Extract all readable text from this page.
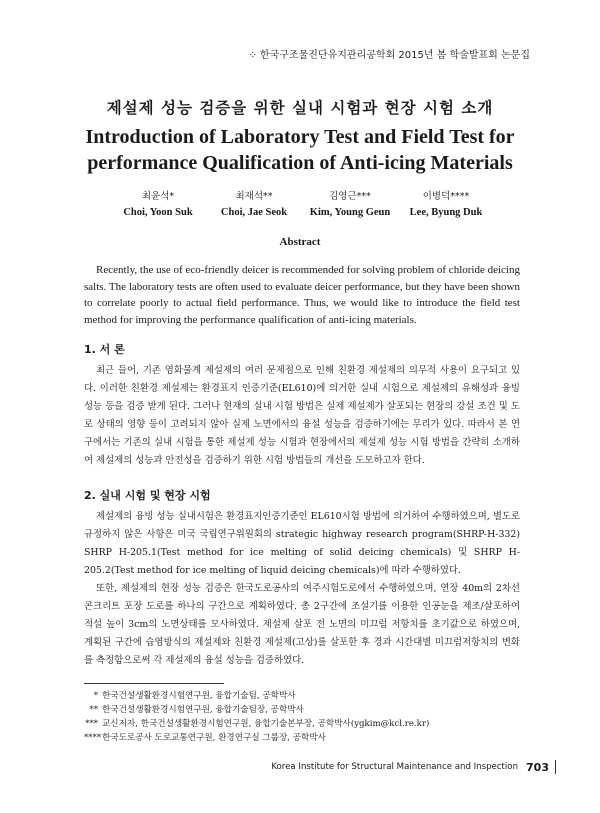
⁘ 한국구조물진단유지관리공학회 2015년 봄 학술발표회 논문집
제설제 성능 검증을 위한 실내 시험과 현장 시험 소개
Introduction of Laboratory Test and Field Test for
performance Qualification of Anti-icing Materials
최윤석*
Choi, Yoon Suk
최재석**
Choi, Jae Seok
김영근***
Kim, Young Geun
이병덕****
Lee, Byung Duk
Abstract
Recently, the use of eco-friendly deicer is recommended for solving problem of chloride deicing salts. The laboratory tests are often used to evaluate deicer performance, but they have been shown to correlate poorly to actual field performance. Thus, we would like to introduce the field test method for improving the performance qualification of anti-icing materials.
1. 서 론

최근 들어, 기존 염화물계 제설제의 여러 문제점으로 인해 친환경 제설제의 의무적 사용이 요구되고 있다. 이러한 친환경 제설제는 환경표지 인증기준(EL610)에 의거한 실내 시험으로 제설제의 유해성과 융빙 성능 등을 검증 받게 된다. 그러나 현재의 실내 시험 방법은 실제 제설제가 살포되는 현장의 강설 조건 및 도로 상태의 영향 등이 고려되지 않아 실제 노면에서의 융설 성능을 검증하기에는 무리가 있다. 따라서 본 연구에서는 기존의 실내 시험을 통한 제설제 성능 시험과 현장에서의 제설제 성능 시험 방법을 간략히 소개하여 제설제의 성능과 안전성을 검증하기 위한 시험 방법들의 개선을 도모하고자 한다.

2. 실내 시험 및 현장 시험

제설제의 융빙 성능 실내시험은 환경표지인증기준인 EL610시험 방법에 의거하여 수행하였으며, 별도로 규정하지 않은 사항은 미국 국립연구위원회의 strategic highway research program(SHRP-H-332) SHRP H-205.1(Test method for ice melting of solid deicing chemicals) 및 SHRP H-205.2(Test method for ice melting of liquid deicing chemicals)에 따라 수행하였다.

또한, 제설제의 현장 성능 검증은 한국도로공사의 여주시험도로에서 수행하였으며, 연장 40m의 2차선 콘크리트 포장 도로를 하나의 구간으로 계획하였다. 총 2구간에 조설기를 이용한 인공눈을 제조/살포하여 적설 높이 3cm의 노면상태를 모사하였다. 제설제 살포 전 노면의 미끄럼 저항치를 초기값으로 하였으며, 계획된 구간에 습염방식의 제설제와 친환경 제설제(고상)를 살포한 후 경과 시간대별 미끄럼저항치의 변화를 측정함으로써 각 제설제의 융설 성능을 검증하였다.

* 한국건설생활환경시험연구원, 융합기술팀, 공학박사
** 한국건설생활환경시험연구원, 융합기술팀장, 공학박사
*** 교신저자, 한국건설생활환경시험연구원, 융합기술본부장, 공학박사(ygkim@kcl.re.kr)
**** 한국도로공사 도로교통연구원, 환경연구실 그룹장, 공학박사
Korea Institute for Structural Maintenance and Inspection 703
